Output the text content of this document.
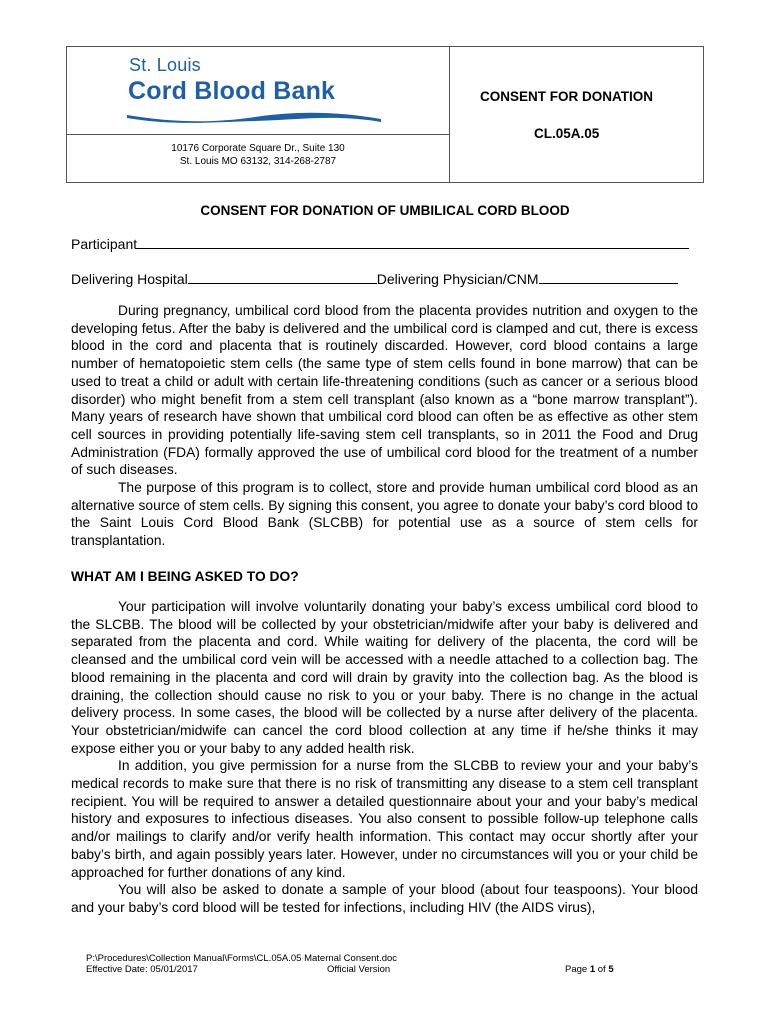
St. Louis
Cord Blood Bank
10176 Corporate Square Dr., Suite 130
St. Louis MO 63132, 314-268-2787
CONSENT FOR DONATION
CL.05A.05
CONSENT FOR DONATION OF UMBILICAL CORD BLOOD
Participant
Delivering Hospital	Delivering Physician/CNM

During pregnancy, umbilical cord blood from the placenta provides nutrition and oxygen to the developing fetus. After the baby is delivered and the umbilical cord is clamped and cut, there is excess blood in the cord and placenta that is routinely discarded. However, cord blood contains a large number of hematopoietic stem cells (the same type of stem cells found in bone marrow) that can be used to treat a child or adult with certain life-threatening conditions (such as cancer or a serious blood disorder) who might benefit from a stem cell transplant (also known as a “bone marrow transplant”). Many years of research have shown that umbilical cord blood can often be as effective as other stem cell sources in providing potentially life-saving stem cell transplants, so in 2011 the Food and Drug Administration (FDA) formally approved the use of umbilical cord blood for the treatment of a number of such diseases.

The purpose of this program is to collect, store and provide human umbilical cord blood as an alternative source of stem cells. By signing this consent, you agree to donate your baby’s cord blood to the Saint Louis Cord Blood Bank (SLCBB) for potential use as a source of stem cells for transplantation.

WHAT AM I BEING ASKED TO DO?

Your participation will involve voluntarily donating your baby’s excess umbilical cord blood to the SLCBB. The blood will be collected by your obstetrician/midwife after your baby is delivered and separated from the placenta and cord. While waiting for delivery of the placenta, the cord will be cleansed and the umbilical cord vein will be accessed with a needle attached to a collection bag. The blood remaining in the placenta and cord will drain by gravity into the collection bag. As the blood is draining, the collection should cause no risk to you or your baby. There is no change in the actual delivery process. In some cases, the blood will be collected by a nurse after delivery of the placenta. Your obstetrician/midwife can cancel the cord blood collection at any time if he/she thinks it may expose either you or your baby to any added health risk.

In addition, you give permission for a nurse from the SLCBB to review your and your baby’s medical records to make sure that there is no risk of transmitting any disease to a stem cell transplant recipient. You will be required to answer a detailed questionnaire about your and your baby’s medical history and exposures to infectious diseases. You also consent to possible follow-up telephone calls and/or mailings to clarify and/or verify health information. This contact may occur shortly after your baby’s birth, and again possibly years later. However, under no circumstances will you or your child be approached for further donations of any kind.

You will also be asked to donate a sample of your blood (about four teaspoons). Your blood and your baby’s cord blood will be tested for infections, including HIV (the AIDS virus),

P:\Procedures\Collection Manual\Forms\CL.05A.05 Maternal Consent.doc
Effective Date: 05/01/2017	Official Version	Page 1 of 5
